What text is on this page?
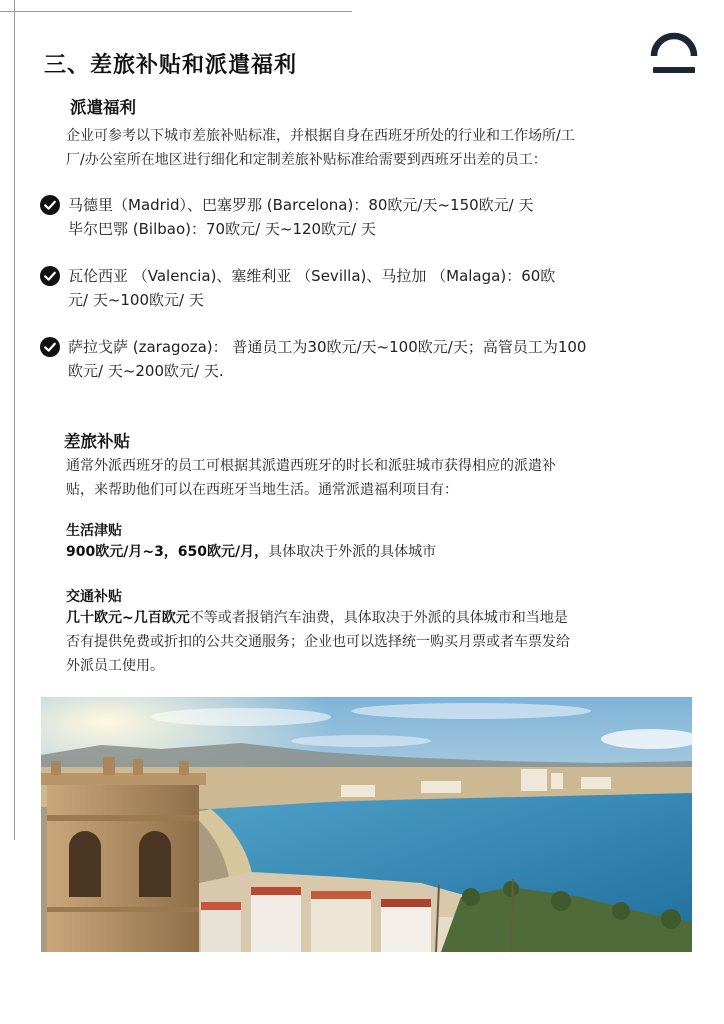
三、差旅补贴和派遣福利
派遣福利
企业可参考以下城市差旅补贴标准，并根据自身在西班牙所处的行业和工作场所/工
厂/办公室所在地区进行细化和定制差旅补贴标准给需要到西班牙出差的员工：
马德里（Madrid）、巴塞罗那 (Barcelona)：80欧元/天~150欧元/ 天
毕尔巴鄂 (Bilbao)：70欧元/ 天~120欧元/ 天
瓦伦西亚 （Valencia)、塞维利亚 （Sevilla)、马拉加 （Malaga)：60欧
元/ 天~100欧元/ 天
萨拉戈萨 (zaragoza)： 普通员工为30欧元/天~100欧元/天；高管员工为100
欧元/ 天~200欧元/ 天.
差旅补贴
通常外派西班牙的员工可根据其派遣西班牙的时长和派驻城市获得相应的派遣补
贴，来帮助他们可以在西班牙当地生活。通常派遣福利项目有：
生活津贴
900欧元/月~3，650欧元/月，具体取决于外派的具体城市
交通补贴
几十欧元~几百欧元不等或者报销汽车油费，具体取决于外派的具体城市和当地是
否有提供免费或折扣的公共交通服务；企业也可以选择统一购买月票或者车票发给
外派员工使用。
